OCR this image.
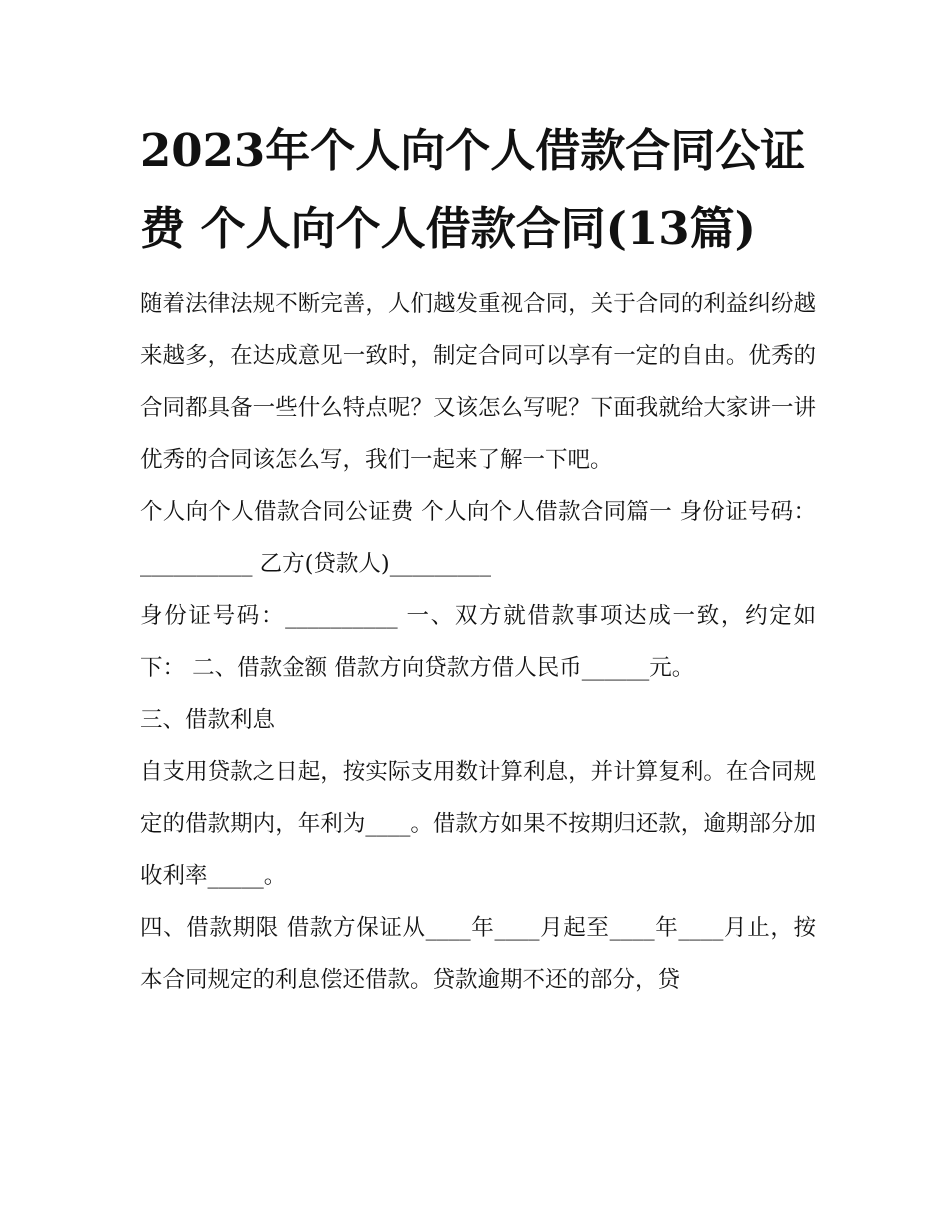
2023年个人向个人借款合同公证费 个人向个人借款合同(13篇)

随着法律法规不断完善，人们越发重视合同，关于合同的利益纠纷越来越多，在达成意见一致时，制定合同可以享有一定的自由。优秀的合同都具备一些什么特点呢？又该怎么写呢？下面我就给大家讲一讲优秀的合同该怎么写，我们一起来了解一下吧。

个人向个人借款合同公证费 个人向个人借款合同篇一 身份证号码：__________ 乙方(贷款人)_________

身份证号码：__________ 一、双方就借款事项达成一致，约定如下： 二、借款金额 借款方向贷款方借人民币______元。

三、借款利息

自支用贷款之日起，按实际支用数计算利息，并计算复利。在合同规定的借款期内，年利为____。借款方如果不按期归还款，逾期部分加收利率_____。

四、借款期限 借款方保证从____年____月起至____年____月止，按本合同规定的利息偿还借款。贷款逾期不还的部分，贷
